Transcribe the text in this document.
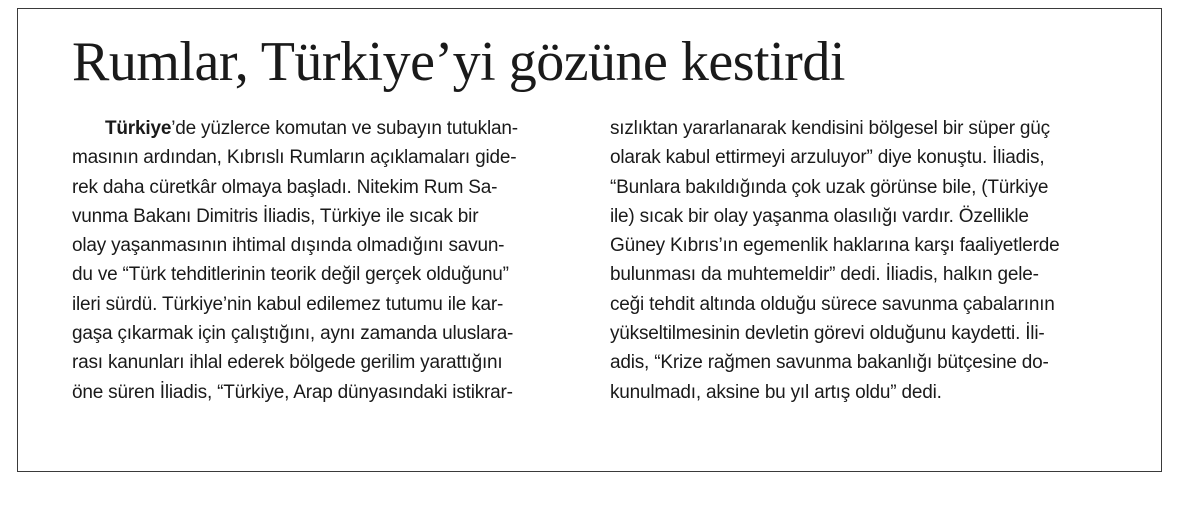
Rumlar, Türkiye’yi gözüne kestirdi
Türkiye’de yüzlerce komutan ve subayın tutuklan-
masının ardından, Kıbrıslı Rumların açıklamaları gide-
rek daha cüretkâr olmaya başladı. Nitekim Rum Sa-
vunma Bakanı Dimitris İliadis, Türkiye ile sıcak bir
olay yaşanmasının ihtimal dışında olmadığını savun-
du ve “Türk tehditlerinin teorik değil gerçek olduğunu”
ileri sürdü. Türkiye’nin kabul edilemez tutumu ile kar-
gaşa çıkarmak için çalıştığını, aynı zamanda uluslara-
rası kanunları ihlal ederek bölgede gerilim yarattığını
öne süren İliadis, “Türkiye, Arap dünyasındaki istikrar-
sızlıktan yararlanarak kendisini bölgesel bir süper güç
olarak kabul ettirmeyi arzuluyor” diye konuştu. İliadis,
“Bunlara bakıldığında çok uzak görünse bile, (Türkiye
ile) sıcak bir olay yaşanma olasılığı vardır. Özellikle
Güney Kıbrıs’ın egemenlik haklarına karşı faaliyetlerde
bulunması da muhtemeldir” dedi. İliadis, halkın gele-
ceği tehdit altında olduğu sürece savunma çabalarının
yükseltilmesinin devletin görevi olduğunu kaydetti. İli-
adis, “Krize rağmen savunma bakanlığı bütçesine do-
kunulmadı, aksine bu yıl artış oldu” dedi.
